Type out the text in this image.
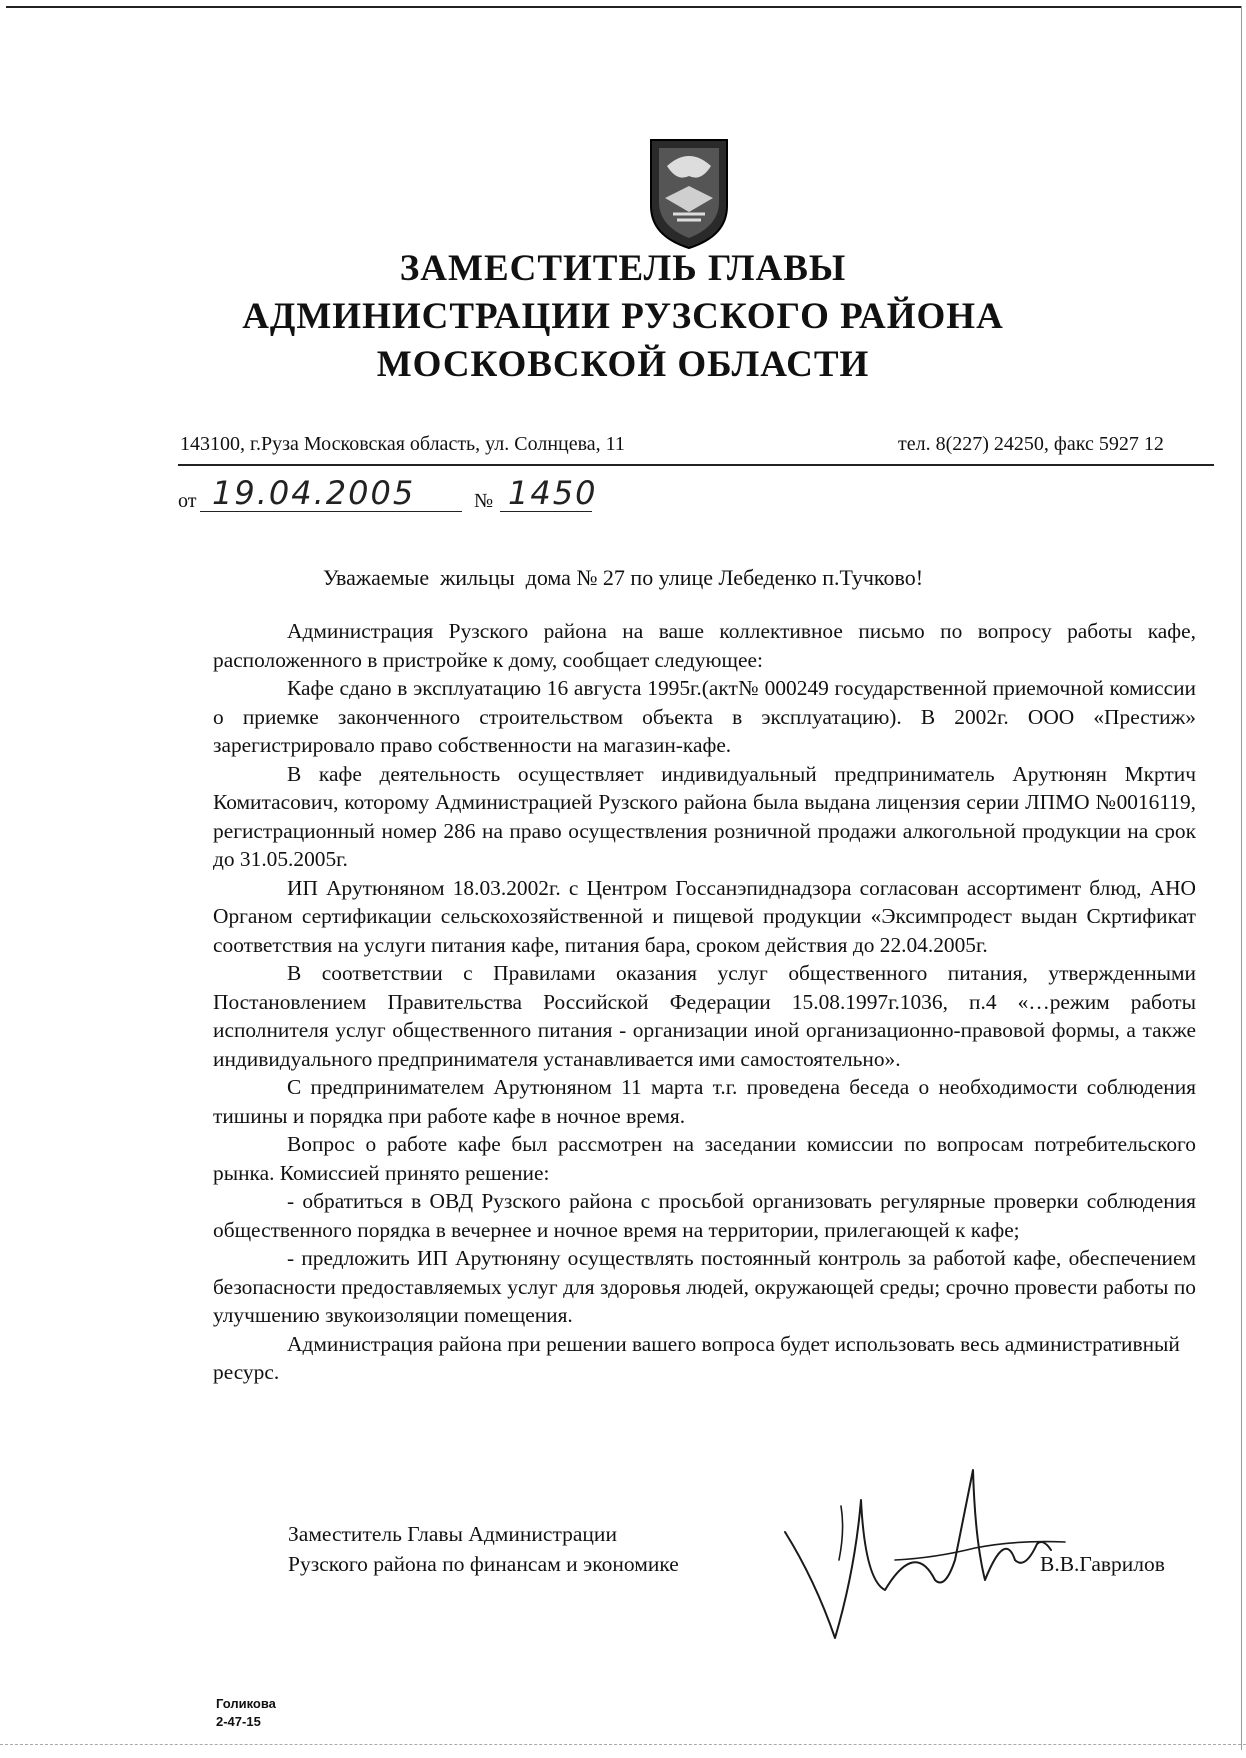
ЗАМЕСТИТЕЛЬ ГЛАВЫ
АДМИНИСТРАЦИИ РУЗСКОГО РАЙОНА
МОСКОВСКОЙ ОБЛАСТИ
143100, г.Руза Московская область, ул. Солнцева, 11	тел. 8(227) 24250, факс 5927 12
от 19.04.2005	№ 1450
Уважаемые  жильцы  дома № 27 по улице Лебеденко п.Тучково!

Администрация Рузского района на ваше коллективное письмо по вопросу работы кафе, расположенного в пристройке к дому, сообщает следующее:

Кафе сдано в эксплуатацию 16 августа 1995г.(акт№ 000249 государственной приемочной комиссии о приемке законченного строительством объекта в эксплуатацию). В 2002г. ООО «Престиж» зарегистрировало право собственности на магазин-кафе.

В кафе деятельность осуществляет индивидуальный предприниматель Арутюнян Мкртич Комитасович, которому Администрацией Рузского района была выдана лицензия серии ЛПМО №0016119, регистрационный номер 286 на право осуществления розничной продажи алкогольной продукции на срок до 31.05.2005г.

ИП Арутюняном 18.03.2002г. с Центром Госсанэпиднадзора согласован ассортимент блюд, АНО Органом сертификации сельскохозяйственной и пищевой продукции «Эксимпродест выдан Скртификат соответствия на услуги питания кафе, питания бара, сроком действия до 22.04.2005г.

В соответствии с Правилами оказания услуг общественного питания, утвержденными Постановлением Правительства Российской Федерации 15.08.1997г.1036, п.4 «…режим работы исполнителя услуг общественного питания - организации иной организационно-правовой формы, а также индивидуального предпринимателя устанавливается ими самостоятельно».

С предпринимателем Арутюняном 11 марта т.г. проведена беседа о необходимости соблюдения тишины и порядка при работе кафе в ночное время.

Вопрос о работе кафе был рассмотрен на заседании комиссии по вопросам потребительского рынка. Комиссией принято решение:

- обратиться в ОВД Рузского района с просьбой организовать регулярные проверки соблюдения общественного порядка в вечернее и ночное время на территории, прилегающей к кафе;

- предложить ИП Арутюняну осуществлять постоянный контроль за работой кафе, обеспечением безопасности предоставляемых услуг для здоровья людей, окружающей среды; срочно провести работы по улучшению звукоизоляции помещения.

Администрация района при решении вашего вопроса будет использовать весь административный ресурс.

Заместитель Главы Администрации
Рузского района по финансам и экономике	В.В.Гаврилов
Голикова
2-47-15
